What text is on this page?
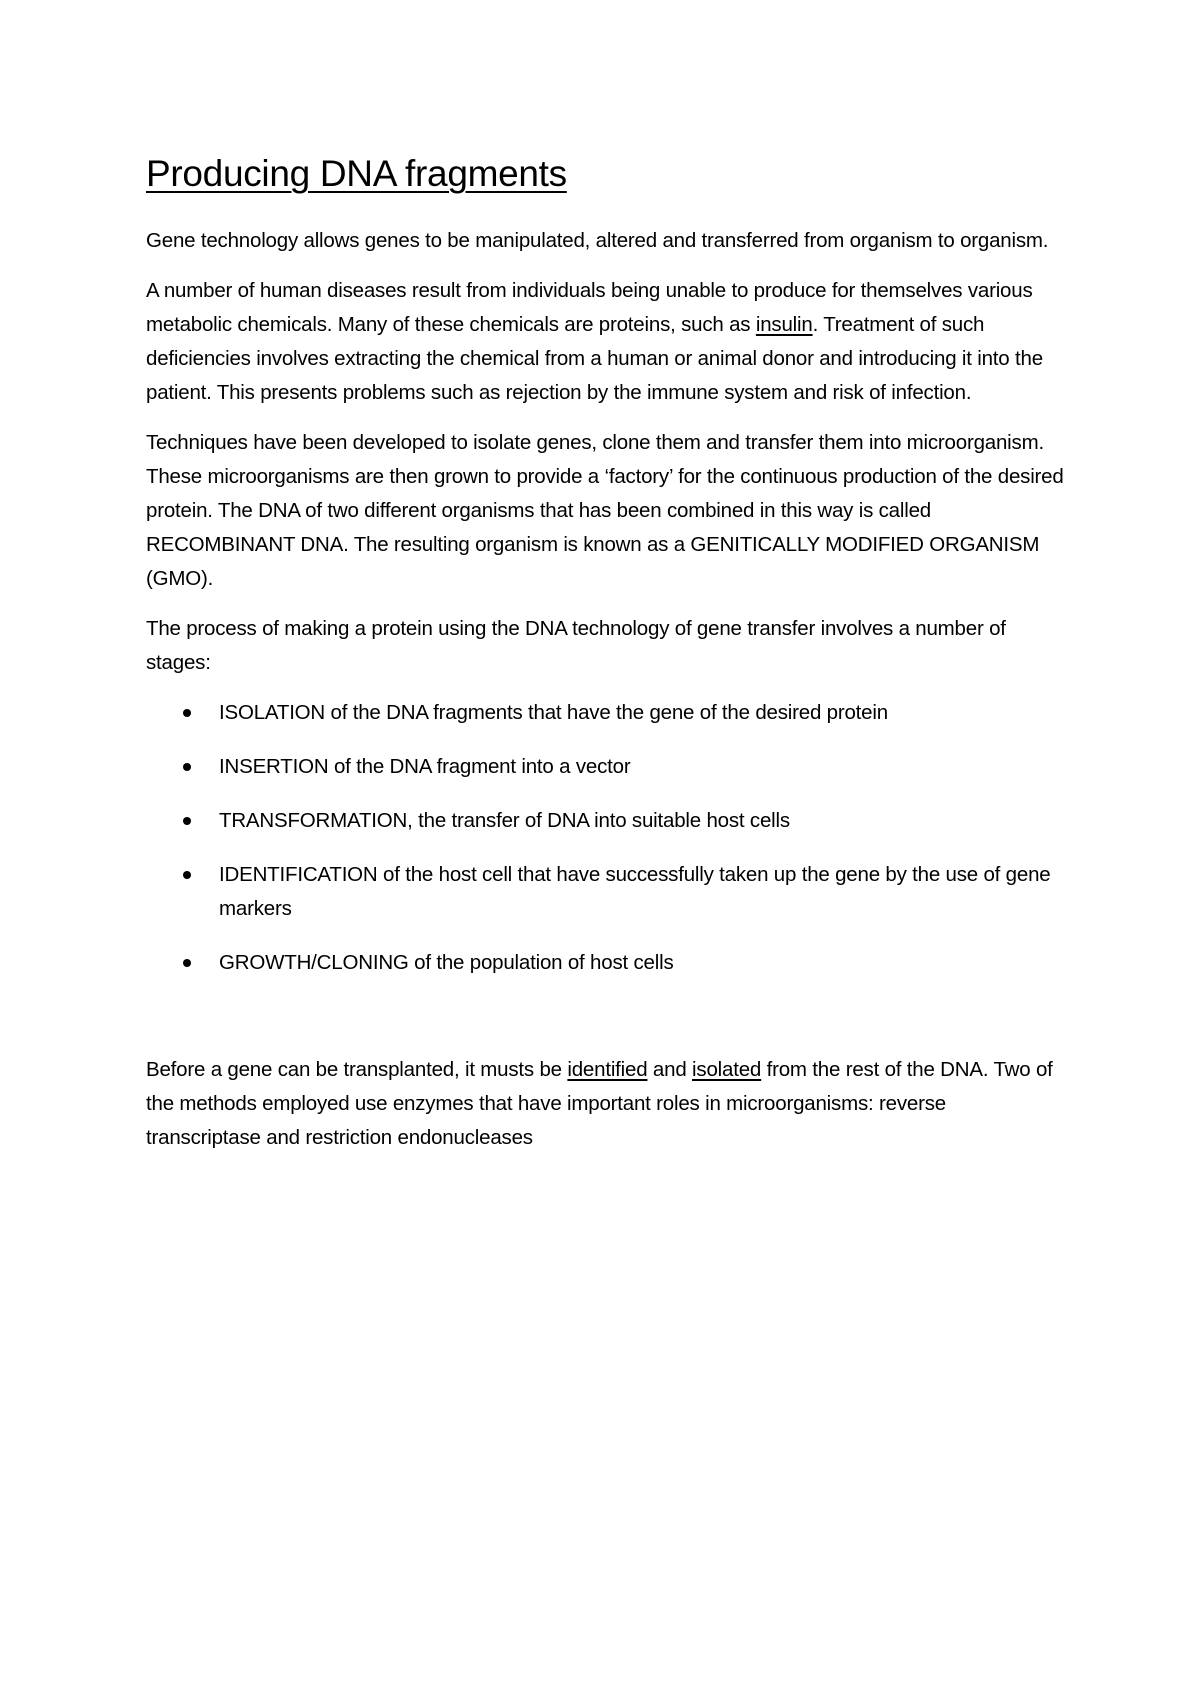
Producing DNA fragments

Gene technology allows genes to be manipulated, altered and transferred from organism to organism.

A number of human diseases result from individuals being unable to produce for themselves various metabolic chemicals. Many of these chemicals are proteins, such as insulin. Treatment of such deficiencies involves extracting the chemical from a human or animal donor and introducing it into the patient. This presents problems such as rejection by the immune system and risk of infection.

Techniques have been developed to isolate genes, clone them and transfer them into microorganism. These microorganisms are then grown to provide a ‘factory’ for the continuous production of the desired protein. The DNA of two different organisms that has been combined in this way is called RECOMBINANT DNA. The resulting organism is known as a GENITICALLY MODIFIED ORGANISM (GMO).

The process of making a protein using the DNA technology of gene transfer involves a number of stages:

ISOLATION of the DNA fragments that have the gene of the desired protein
INSERTION of the DNA fragment into a vector
TRANSFORMATION, the transfer of DNA into suitable host cells
IDENTIFICATION of the host cell that have successfully taken up the gene by the use of gene markers
GROWTH/CLONING of the population of host cells

Before a gene can be transplanted, it musts be identified and isolated from the rest of the DNA. Two of the methods employed use enzymes that have important roles in microorganisms: reverse transcriptase and restriction endonucleases
